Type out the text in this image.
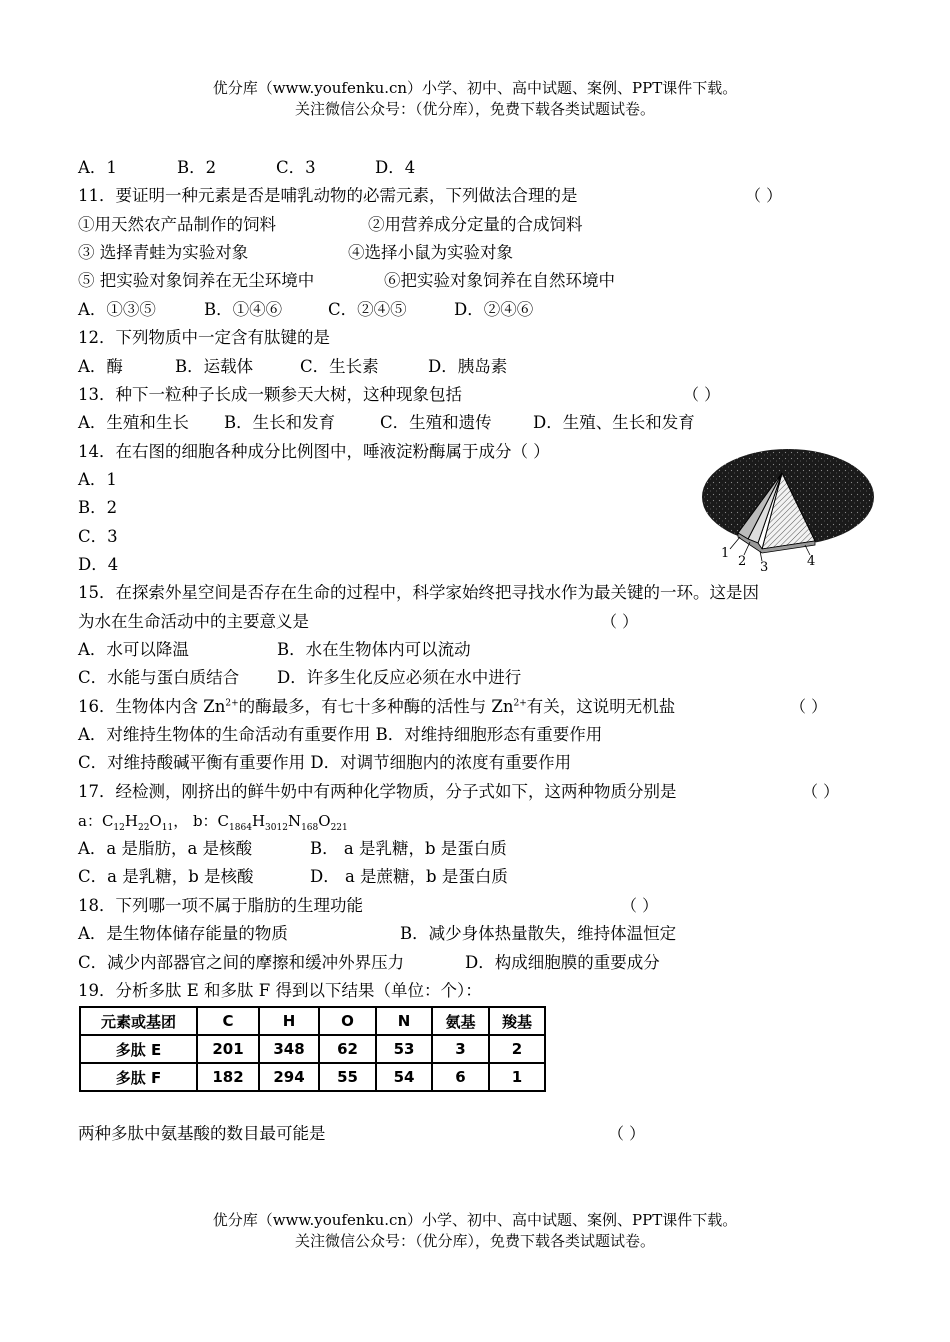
优分库（www.youfenku.cn）小学、初中、高中试题、案例、PPT课件下载。
关注微信公众号：（优分库），免费下载各类试题试卷。
A．1	B．2	C．3	D．4
11．要证明一种元素是否是哺乳动物的必需元素，下列做法合理的是	（ ）
①用天然农产品制作的饲料	②用营养成分定量的合成饲料
③ 选择青蛙为实验对象	④选择小鼠为实验对象
⑤ 把实验对象饲养在无尘环境中	⑥把实验对象饲养在自然环境中
A．①③⑤	B．①④⑥	C．②④⑤	D．②④⑥
12．下列物质中一定含有肽键的是
A．酶	B．运载体	C．生长素	D．胰岛素
13．种下一粒种子长成一颗参天大树，这种现象包括	（ ）
A．生殖和生长 B．生长和发育	C．生殖和遗传	D．生殖、生长和发育
14．在右图的细胞各种成分比例图中，唾液淀粉酶属于成分（ ）
A．1
B．2
C．3
D．4
1
2 3	4
15．在探索外星空间是否存在生命的过程中，科学家始终把寻找水作为最关键的一环。这是因
为水在生命活动中的主要意义是	（ ）
A．水可以降温	B．水在生物体内可以流动
C．水能与蛋白质结合 D．许多生化反应必须在水中进行
16．生物体内含 $Zn^{2+}$的酶最多，有七十多种酶的活性与 $Zn^{2+}$有关，这说明无机盐	（ ）
A．对维持生物体的生命活动有重要作用 B．对维持细胞形态有重要作用
C．对维持酸碱平衡有重要作用 D．对调节细胞内的浓度有重要作用
17．经检测，刚挤出的鲜牛奶中有两种化学物质，分子式如下，这两种物质分别是	（ ）
a：$C_{12}H_{22}O_{11}$， b：$C_{1864}H_{3012}N_{168}O_{221}$
A．a 是脂肪，a 是核酸	B． a 是乳糖，b 是蛋白质
C．a 是乳糖，b 是核酸	D． a 是蔗糖，b 是蛋白质
18．下列哪一项不属于脂肪的生理功能	（ ）
A．是生物体储存能量的物质	B．减少身体热量散失，维持体温恒定
C．减少内部器官之间的摩擦和缓冲外界压力	D．构成细胞膜的重要成分
19．分析多肽 E 和多肽 F 得到以下结果（单位：个）：
元素或基团	C	H	O	N	氨基	羧基
多肽 E	201	348	62	53	3	2
多肽 F	182	294	55	54	6	1
两种多肽中氨基酸的数目最可能是	（ ）
优分库（www.youfenku.cn）小学、初中、高中试题、案例、PPT课件下载。
关注微信公众号：（优分库），免费下载各类试题试卷。
